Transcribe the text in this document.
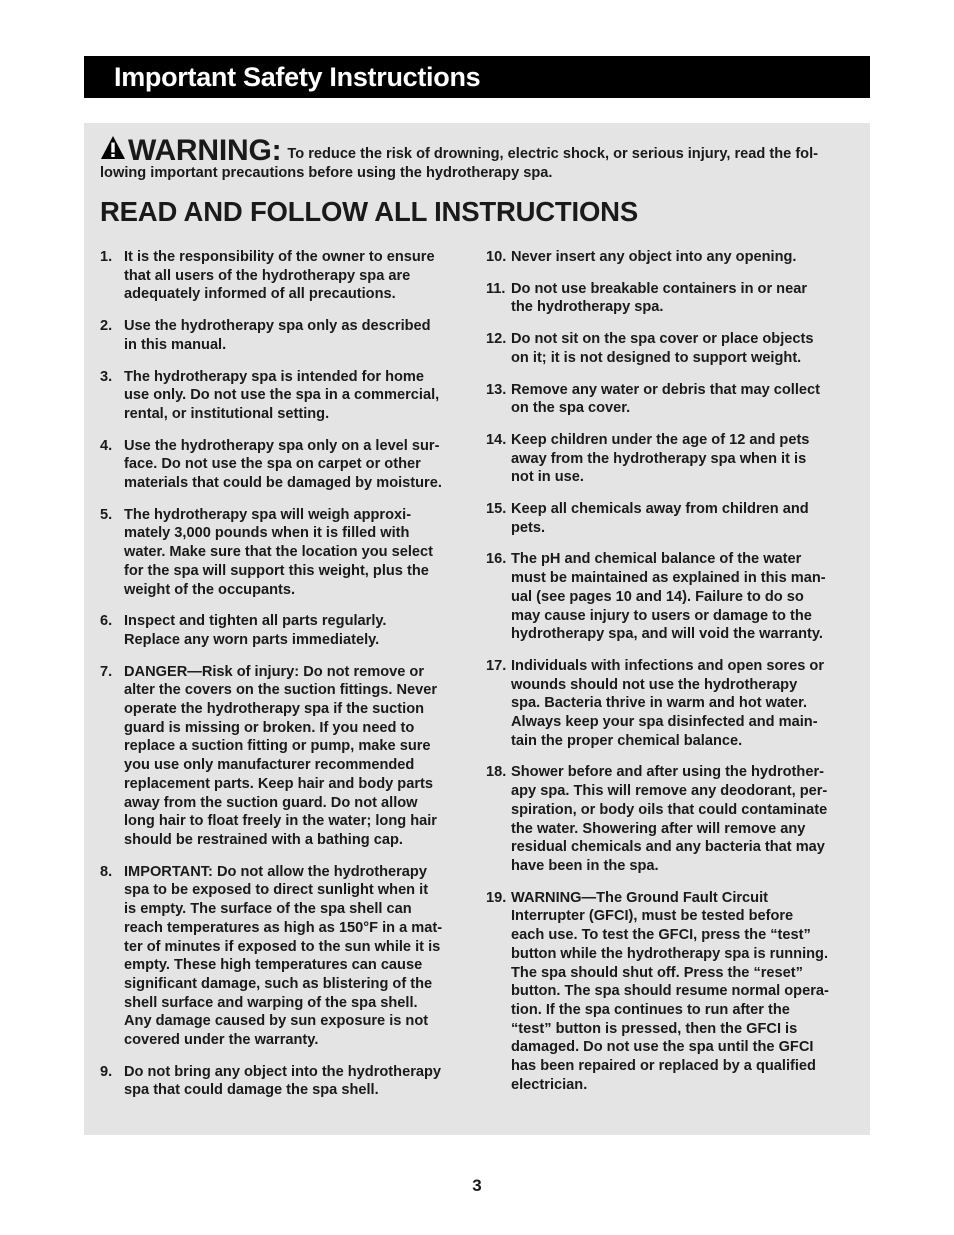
Important Safety Instructions
WARNING: To reduce the risk of drowning, electric shock, or serious injury, read the fol-
lowing important precautions before using the hydrotherapy spa.
READ AND FOLLOW ALL INSTRUCTIONS
1. It is the responsibility of the owner to ensure
that all users of the hydrotherapy spa are
adequately informed of all precautions.
2. Use the hydrotherapy spa only as described
in this manual.
3. The hydrotherapy spa is intended for home
use only. Do not use the spa in a commercial,
rental, or institutional setting.
4. Use the hydrotherapy spa only on a level sur-
face. Do not use the spa on carpet or other
materials that could be damaged by moisture.
5. The hydrotherapy spa will weigh approxi-
mately 3,000 pounds when it is filled with
water. Make sure that the location you select
for the spa will support this weight, plus the
weight of the occupants.
6. Inspect and tighten all parts regularly.
Replace any worn parts immediately.
7. DANGER—Risk of injury: Do not remove or
alter the covers on the suction fittings. Never
operate the hydrotherapy spa if the suction
guard is missing or broken. If you need to
replace a suction fitting or pump, make sure
you use only manufacturer recommended
replacement parts. Keep hair and body parts
away from the suction guard. Do not allow
long hair to float freely in the water; long hair
should be restrained with a bathing cap.
8. IMPORTANT: Do not allow the hydrotherapy
spa to be exposed to direct sunlight when it
is empty. The surface of the spa shell can
reach temperatures as high as 150°F in a mat-
ter of minutes if exposed to the sun while it is
empty. These high temperatures can cause
significant damage, such as blistering of the
shell surface and warping of the spa shell.
Any damage caused by sun exposure is not
covered under the warranty.
9. Do not bring any object into the hydrotherapy
spa that could damage the spa shell.
10. Never insert any object into any opening.
11. Do not use breakable containers in or near
the hydrotherapy spa.
12. Do not sit on the spa cover or place objects
on it; it is not designed to support weight.
13. Remove any water or debris that may collect
on the spa cover.
14. Keep children under the age of 12 and pets
away from the hydrotherapy spa when it is
not in use.
15. Keep all chemicals away from children and
pets.
16. The pH and chemical balance of the water
must be maintained as explained in this man-
ual (see pages 10 and 14). Failure to do so
may cause injury to users or damage to the
hydrotherapy spa, and will void the warranty.
17. Individuals with infections and open sores or
wounds should not use the hydrotherapy
spa. Bacteria thrive in warm and hot water.
Always keep your spa disinfected and main-
tain the proper chemical balance.
18. Shower before and after using the hydrother-
apy spa. This will remove any deodorant, per-
spiration, or body oils that could contaminate
the water. Showering after will remove any
residual chemicals and any bacteria that may
have been in the spa.
19. WARNING—The Ground Fault Circuit
Interrupter (GFCI), must be tested before
each use. To test the GFCI, press the “test”
button while the hydrotherapy spa is running.
The spa should shut off. Press the “reset”
button. The spa should resume normal opera-
tion. If the spa continues to run after the
“test” button is pressed, then the GFCI is
damaged. Do not use the spa until the GFCI
has been repaired or replaced by a qualified
electrician.
3
